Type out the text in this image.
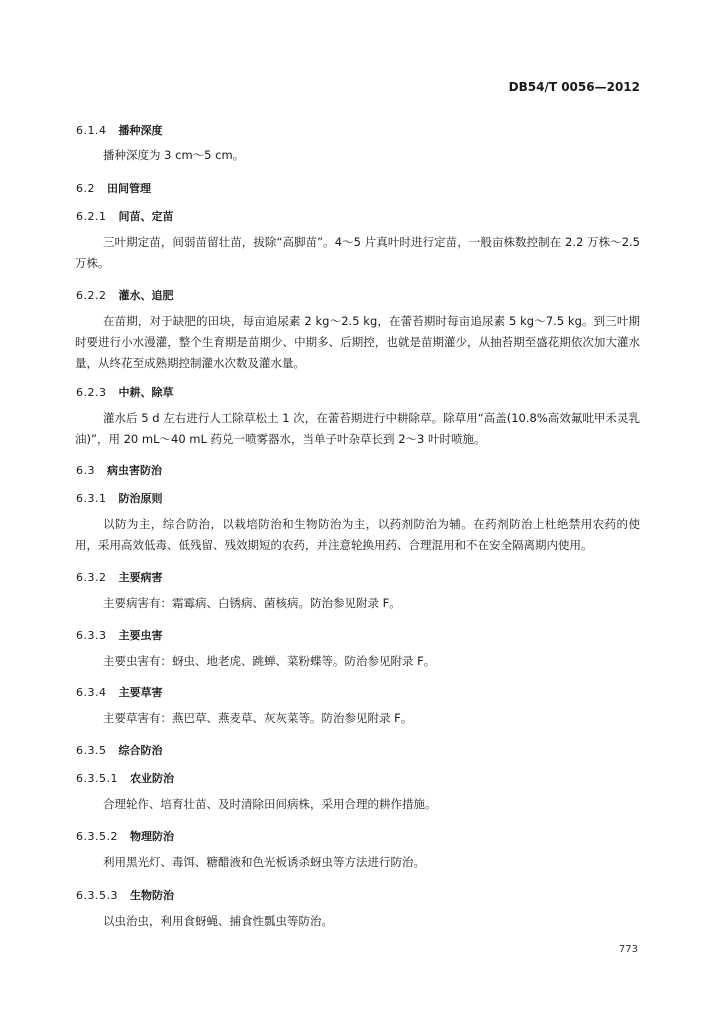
DB54/T 0056—2012
6.1.4 播种深度
播种深度为 3 cm～5 cm。
6.2 田间管理
6.2.1 间苗、定苗
三叶期定苗，间弱苗留壮苗，拔除“高脚苗”。4～5 片真叶时进行定苗，一般亩株数控制在 2.2 万株～2.5 万株。
6.2.2 灌水、追肥
在苗期，对于缺肥的田块，每亩追尿素 2 kg～2.5 kg，在蕾苔期时每亩追尿素 5 kg～7.5 kg。到三叶期时要进行小水漫灌，整个生育期是苗期少、中期多、后期控，也就是苗期灌少，从抽苔期至盛花期依次加大灌水量，从终花至成熟期控制灌水次数及灌水量。
6.2.3 中耕、除草
灌水后 5 d 左右进行人工除草松土 1 次，在蕾苔期进行中耕除草。除草用“高盖(10.8%高效氟吡甲禾灵乳油)”，用 20 mL～40 mL 药兑一喷雾器水，当单子叶杂草长到 2～3 叶时喷施。
6.3 病虫害防治
6.3.1 防治原则
以防为主，综合防治，以栽培防治和生物防治为主，以药剂防治为辅。在药剂防治上杜绝禁用农药的使用，采用高效低毒、低残留、残效期短的农药，并注意轮换用药、合理混用和不在安全隔离期内使用。
6.3.2 主要病害
主要病害有：霜霉病、白锈病、菌核病。防治参见附录 F。
6.3.3 主要虫害
主要虫害有：蚜虫、地老虎、跳蝉、菜粉蝶等。防治参见附录 F。
6.3.4 主要草害
主要草害有：燕巴草、燕麦草、灰灰菜等。防治参见附录 F。
6.3.5 综合防治
6.3.5.1 农业防治
合理轮作、培育壮苗、及时清除田间病株，采用合理的耕作措施。
6.3.5.2 物理防治
利用黑光灯、毒饵、糖醋液和色光板诱杀蚜虫等方法进行防治。
6.3.5.3 生物防治
以虫治虫，利用食蚜蝇、捕食性瓢虫等防治。
773
